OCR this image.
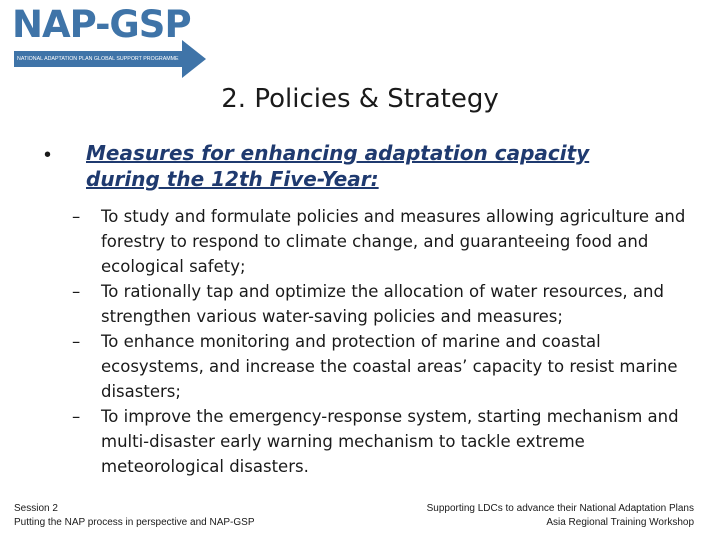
NAP-GSP
NATIONAL ADAPTATION PLAN GLOBAL SUPPORT PROGRAMME
2. Policies & Strategy
• Measures for enhancing adaptation capacity
during the 12th Five-Year:
– To study and formulate policies and measures allowing agriculture and forestry to respond to climate change, and guaranteeing food and ecological safety;
– To rationally tap and optimize the allocation of water resources, and strengthen various water-saving policies and measures;
– To enhance monitoring and protection of marine and coastal ecosystems, and increase the coastal areas’ capacity to resist marine disasters;
– To improve the emergency-response system, starting mechanism and multi-disaster early warning mechanism to tackle extreme meteorological disasters.
Session 2
Putting the NAP process in perspective and NAP-GSP
Supporting LDCs to advance their National Adaptation Plans
Asia Regional Training Workshop
